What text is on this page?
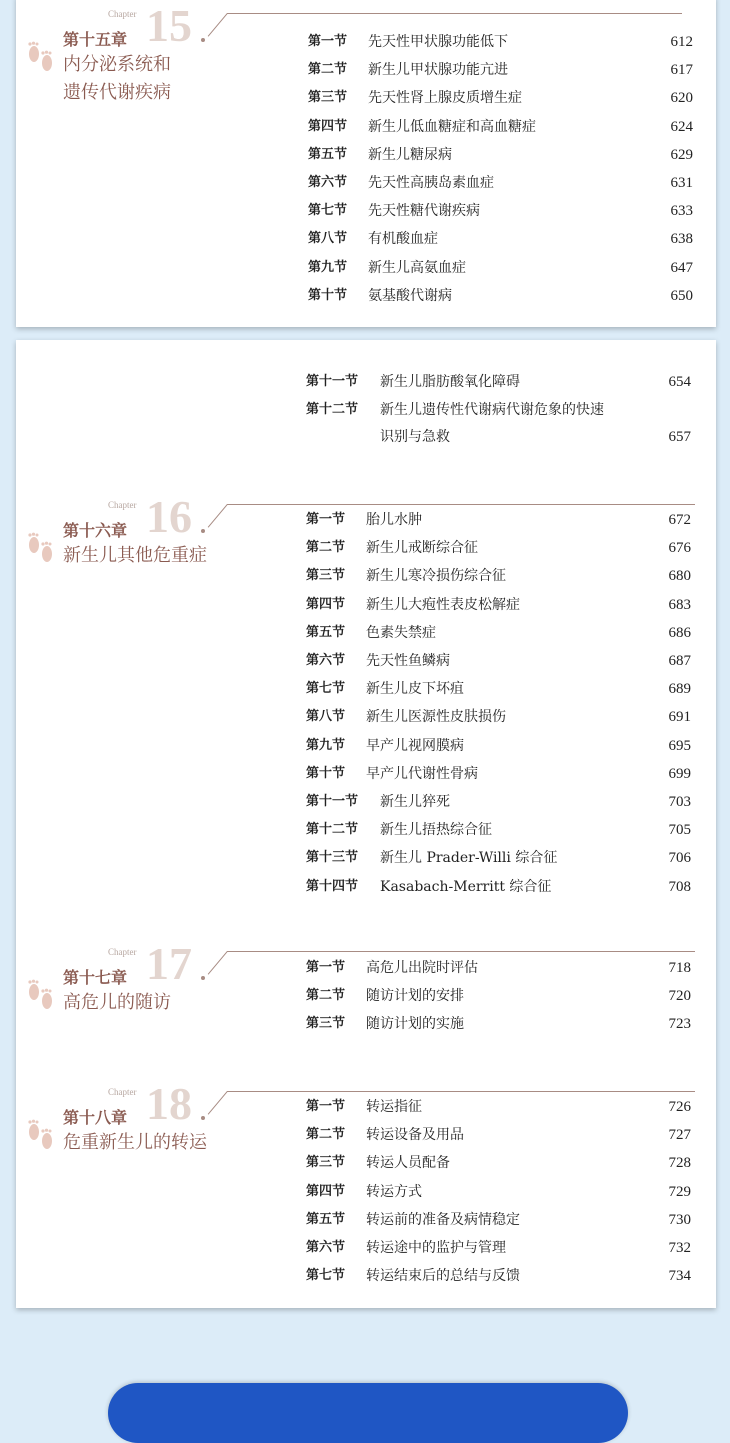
Chapter 15
第十五章
内分泌系统和
遗传代谢疾病
第一节 先天性甲状腺功能低下	612
第二节 新生儿甲状腺功能亢进	617
第三节 先天性肾上腺皮质增生症	620
第四节 新生儿低血糖症和高血糖症	624
第五节 新生儿糖尿病	629
第六节 先天性高胰岛素血症	631
第七节 先天性糖代谢疾病	633
第八节 有机酸血症	638
第九节 新生儿高氨血症	647
第十节 氨基酸代谢病	650
第十一节 新生儿脂肪酸氧化障碍	654
第十二节 新生儿遗传性代谢病代谢危象的快速
识别与急救	657
Chapter 16
第十六章
新生儿其他危重症
第一节 胎儿水肿	672
第二节 新生儿戒断综合征	676
第三节 新生儿寒冷损伤综合征	680
第四节 新生儿大疱性表皮松解症	683
第五节 色素失禁症	686
第六节 先天性鱼鳞病	687
第七节 新生儿皮下坏疽	689
第八节 新生儿医源性皮肤损伤	691
第九节 早产儿视网膜病	695
第十节 早产儿代谢性骨病	699
第十一节 新生儿猝死	703
第十二节 新生儿捂热综合征	705
第十三节 新生儿 Prader-Willi 综合征	706
第十四节 Kasabach-Merritt 综合征	708
Chapter 17
第十七章
高危儿的随访
第一节 高危儿出院时评估	718
第二节 随访计划的安排	720
第三节 随访计划的实施	723
Chapter 18
第十八章
危重新生儿的转运
第一节 转运指征	726
第二节 转运设备及用品	727
第三节 转运人员配备	728
第四节 转运方式	729
第五节 转运前的准备及病情稳定	730
第六节 转运途中的监护与管理	732
第七节 转运结束后的总结与反馈	734
